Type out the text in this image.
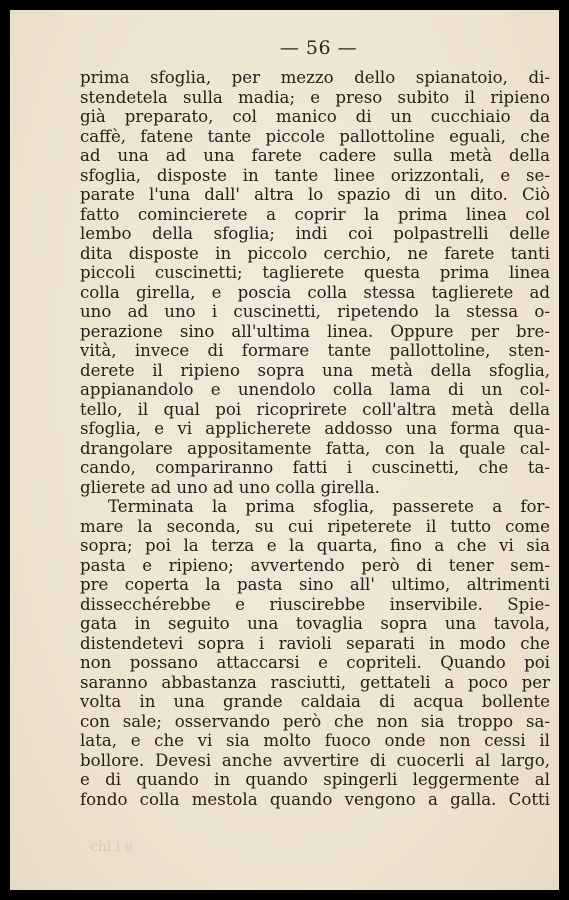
— 56 —
prima sfoglia, per mezzo dello spianatoio, di-
stendetela sulla madia; e preso subito il ripieno
già preparato, col manico di un cucchiaio da
caffè, fatene tante piccole pallottoline eguali, che
ad una ad una farete cadere sulla metà della
sfoglia, disposte in tante linee orizzontali, e se-
parate l'una dall' altra lo spazio di un dito. Ciò
fatto comincierete a coprir la prima linea col
lembo della sfoglia; indi coi polpastrelli delle
dita disposte in piccolo cerchio, ne farete tanti
piccoli cuscinetti; taglierete questa prima linea
colla girella, e poscia colla stessa taglierete ad
uno ad uno i cuscinetti, ripetendo la stessa o-
perazione sino all'ultima linea. Oppure per bre-
vità, invece di formare tante pallottoline, sten-
derete il ripieno sopra una metà della sfoglia,
appianandolo e unendolo colla lama di un col-
tello, il qual poi ricoprirete coll'altra metà della
sfoglia, e vi applicherete addosso una forma qua-
drangolare appositamente fatta, con la quale cal-
cando, compariranno fatti i cuscinetti, che ta-
glierete ad uno ad uno colla girella.
Terminata la prima sfoglia, passerete a for-
mare la seconda, su cui ripeterete il tutto come
sopra; poi la terza e la quarta, fino a che vi sia
pasta e ripieno; avvertendo però di tener sem-
pre coperta la pasta sino all' ultimo, altrimenti
dissecchérebbe e riuscirebbe inservibile. Spie-
gata in seguito una tovaglia sopra una tavola,
distendetevi sopra i ravioli separati in modo che
non possano attaccarsi e copriteli. Quando poi
saranno abbastanza rasciutti, gettateli a poco per
volta in una grande caldaia di acqua bollente
con sale; osservando però che non sia troppo sa-
lata, e che vi sia molto fuoco onde non cessi il
bollore. Devesi anche avvertire di cuocerli al largo,
e di quando in quando spingerli leggermente al
fondo colla mestola quando vengono a galla. Cotti
chi i e
